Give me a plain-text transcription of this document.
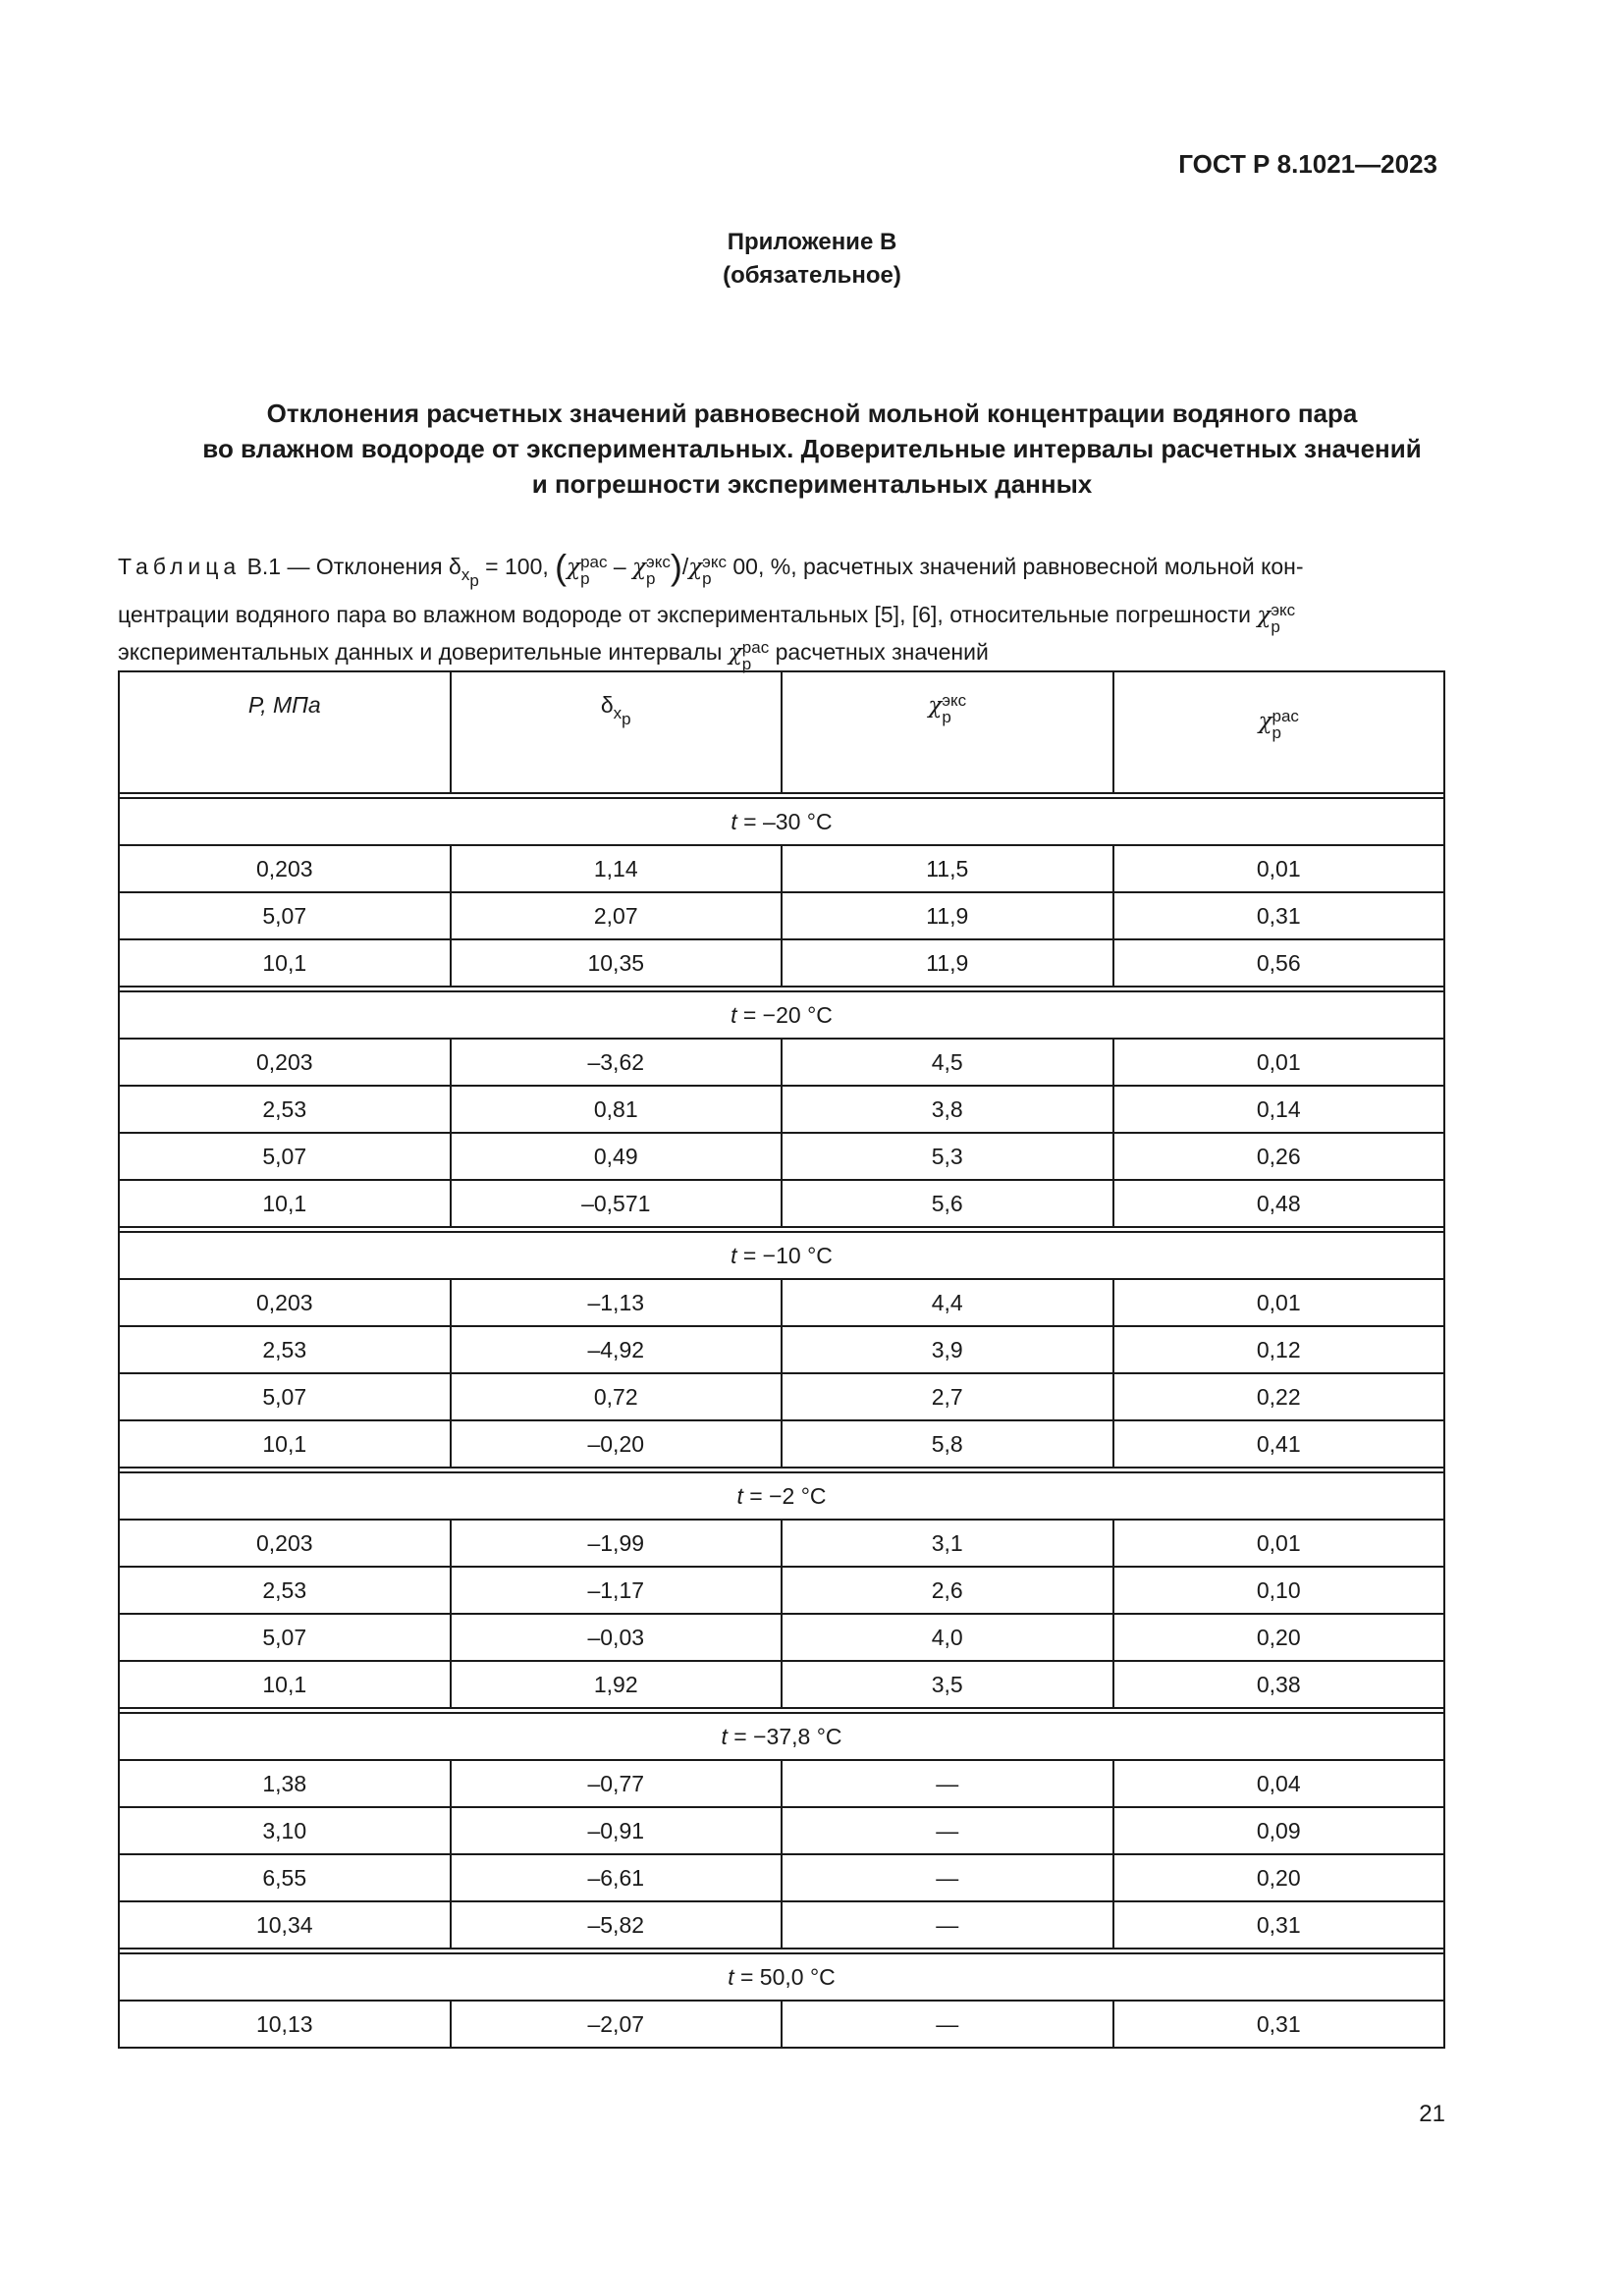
ГОСТ Р 8.1021—2023
Приложение В
(обязательное)
Отклонения расчетных значений равновесной мольной концентрации водяного пара
во влажном водороде от экспериментальных. Доверительные интервалы расчетных значений
и погрешности экспериментальных данных
Таблица В.1 — Отклонения $\delta_{xp} = 100$, (χ рас
p – χ экс
p )/χ экс
p 00, %, расчетных значений равновесной мольной кон-
центрации водяного пара во влажном водороде от экспериментальных [5], [6], относительные погрешности χ экс
p
экспериментальных данных и доверительные интервалы χ рас
p расчетных значений
P, МПа	$\delta_{xp}$	χ экс
p	χ рас
p

t = –30 °C			
0,203	1,14	11,5	0,01
5,07	2,07	11,9	0,31
10,1	10,35	11,9	0,56

t = −20 °C			
0,203	–3,62	4,5	0,01
2,53	0,81	3,8	0,14
5,07	0,49	5,3	0,26
10,1	–0,571	5,6	0,48

t = −10 °C			
0,203	–1,13	4,4	0,01
2,53	–4,92	3,9	0,12
5,07	0,72	2,7	0,22
10,1	–0,20	5,8	0,41

t = −2 °C			
0,203	–1,99	3,1	0,01
2,53	–1,17	2,6	0,10
5,07	–0,03	4,0	0,20
10,1	1,92	3,5	0,38

t = −37,8 °C			
1,38	–0,77	—	0,04
3,10	–0,91	—	0,09
6,55	–6,61	—	0,20
10,34	–5,82	—	0,31

t = 50,0 °C			
10,13	–2,07	—	0,31
21
